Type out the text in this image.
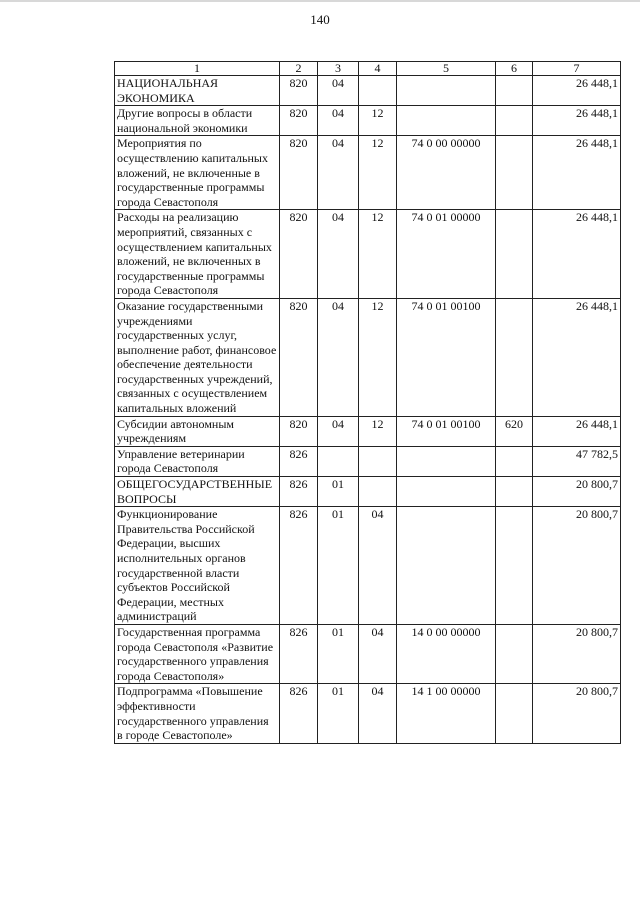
140
1	2	3	4	5	6	7
НАЦИОНАЛЬНАЯ ЭКОНОМИКА	820	04				26 448,1
Другие вопросы в области национальной экономики	820	04	12			26 448,1
Мероприятия по осуществлению капитальных вложений, не включенные в государственные программы города Севастополя	820	04	12	74 0 00 00000		26 448,1
Расходы на реализацию мероприятий, связанных с осуществлением капитальных вложений, не включенных в государственные программы города Севастополя	820	04	12	74 0 01 00000		26 448,1
Оказание государственными учреждениями государственных услуг, выполнение работ, финансовое обеспечение деятельности государственных учреждений, связанных с осуществлением капитальных вложений	820	04	12	74 0 01 00100		26 448,1
Субсидии автономным учреждениям	820	04	12	74 0 01 00100	620	26 448,1
Управление ветеринарии города Севастополя	826					47 782,5
ОБЩЕГОСУДАРСТВЕННЫЕ ВОПРОСЫ	826	01				20 800,7
Функционирование Правительства Российской Федерации, высших исполнительных органов государственной власти субъектов Российской Федерации, местных администраций	826	01	04			20 800,7
Государственная программа города Севастополя «Развитие государственного управления города Севастополя»	826	01	04	14 0 00 00000		20 800,7
Подпрограмма «Повышение эффективности государственного управления в городе Севастополе»	826	01	04	14 1 00 00000		20 800,7
